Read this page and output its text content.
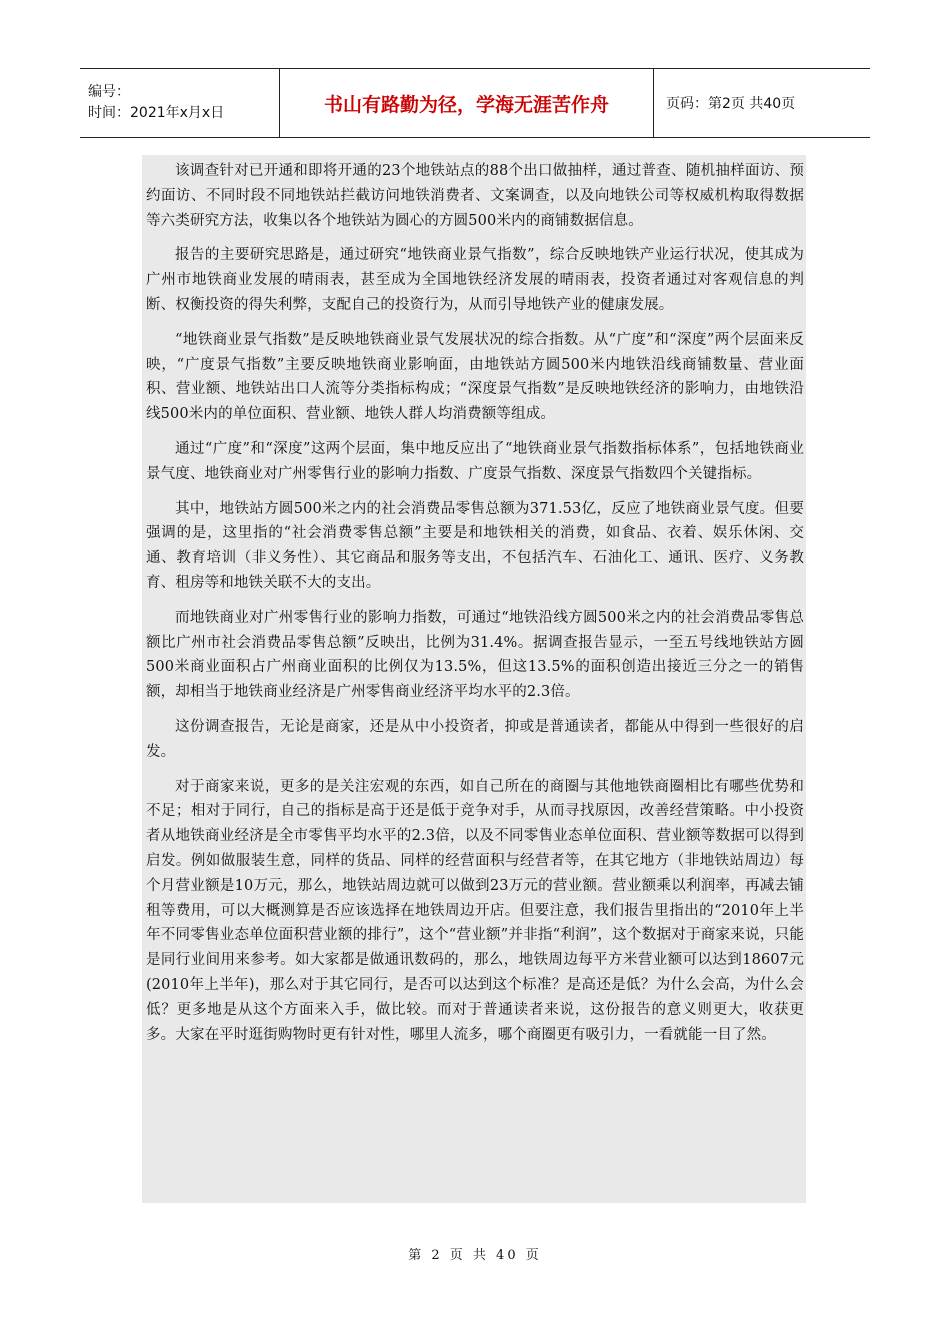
编号：
时间：2021年x月x日	书山有路勤为径，学海无涯苦作舟	页码：第2页 共40页

该调查针对已开通和即将开通的23个地铁站点的88个出口做抽样，通过普查、随机抽样面访、预约面访、不同时段不同地铁站拦截访问地铁消费者、文案调查，以及向地铁公司等权威机构取得数据等六类研究方法，收集以各个地铁站为圆心的方圆500米内的商铺数据信息。

报告的主要研究思路是，通过研究“地铁商业景气指数”，综合反映地铁产业运行状况，使其成为广州市地铁商业发展的晴雨表，甚至成为全国地铁经济发展的晴雨表，投资者通过对客观信息的判断、权衡投资的得失利弊，支配自己的投资行为，从而引导地铁产业的健康发展。

“地铁商业景气指数”是反映地铁商业景气发展状况的综合指数。从“广度”和“深度”两个层面来反映，“广度景气指数”主要反映地铁商业影响面，由地铁站方圆500米内地铁沿线商铺数量、营业面积、营业额、地铁站出口人流等分类指标构成；“深度景气指数”是反映地铁经济的影响力，由地铁沿线500米内的单位面积、营业额、地铁人群人均消费额等组成。

通过“广度”和“深度”这两个层面，集中地反应出了“地铁商业景气指数指标体系”，包括地铁商业景气度、地铁商业对广州零售行业的影响力指数、广度景气指数、深度景气指数四个关键指标。

其中，地铁站方圆500米之内的社会消费品零售总额为371.53亿，反应了地铁商业景气度。但要强调的是，这里指的“社会消费零售总额”主要是和地铁相关的消费，如食品、衣着、娱乐休闲、交通、教育培训（非义务性）、其它商品和服务等支出，不包括汽车、石油化工、通讯、医疗、义务教育、租房等和地铁关联不大的支出。

而地铁商业对广州零售行业的影响力指数，可通过“地铁沿线方圆500米之内的社会消费品零售总额比广州市社会消费品零售总额”反映出，比例为31.4%。据调查报告显示，一至五号线地铁站方圆500米商业面积占广州商业面积的比例仅为13.5%，但这13.5%的面积创造出接近三分之一的销售额，却相当于地铁商业经济是广州零售商业经济平均水平的2.3倍。

这份调查报告，无论是商家，还是从中小投资者，抑或是普通读者，都能从中得到一些很好的启发。

对于商家来说，更多的是关注宏观的东西，如自己所在的商圈与其他地铁商圈相比有哪些优势和不足；相对于同行，自己的指标是高于还是低于竞争对手，从而寻找原因，改善经营策略。中小投资者从地铁商业经济是全市零售平均水平的2.3倍，以及不同零售业态单位面积、营业额等数据可以得到启发。例如做服装生意，同样的货品、同样的经营面积与经营者等，在其它地方（非地铁站周边）每个月营业额是10万元，那么，地铁站周边就可以做到23万元的营业额。营业额乘以利润率，再减去铺租等费用，可以大概测算是否应该选择在地铁周边开店。但要注意，我们报告里指出的“2010年上半年不同零售业态单位面积营业额的排行”，这个“营业额”并非指“利润”，这个数据对于商家来说，只能是同行业间用来参考。如大家都是做通讯数码的，那么，地铁周边每平方米营业额可以达到18607元(2010年上半年)，那么对于其它同行，是否可以达到这个标准？是高还是低？为什么会高，为什么会低？更多地是从这个方面来入手，做比较。而对于普通读者来说，这份报告的意义则更大，收获更多。大家在平时逛街购物时更有针对性，哪里人流多，哪个商圈更有吸引力，一看就能一目了然。

第 2 页 共 40 页
